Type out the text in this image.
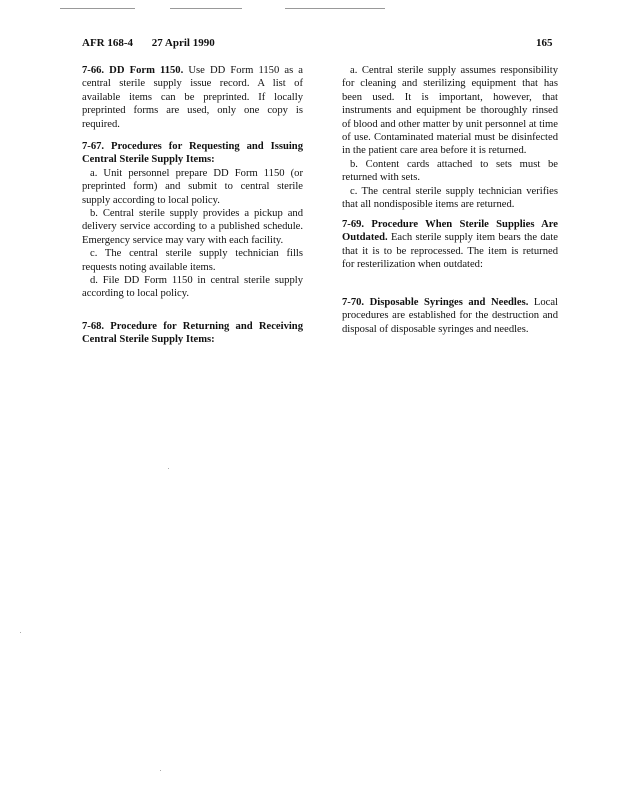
AFR 168-4 27 April 1990	165

7-66. DD Form 1150. Use DD Form 1150 as a central sterile supply issue record. A list of available items can be preprinted. If locally preprinted forms are used, only one copy is required.

7-67. Procedures for Requesting and Issuing Central Sterile Supply Items:

a. Unit personnel prepare DD Form 1150 (or preprinted form) and submit to central sterile supply according to local policy.

b. Central sterile supply provides a pickup and delivery service according to a published schedule. Emergency service may vary with each facility.

c. The central sterile supply technician fills requests noting available items.

d. File DD Form 1150 in central sterile supply according to local policy.

7-68. Procedure for Returning and Receiving Central Sterile Supply Items:

a. Central sterile supply assumes responsibility for cleaning and sterilizing equipment that has been used. It is important, however, that instruments and equipment be thoroughly rinsed of blood and other matter by unit personnel at time of use. Contaminated material must be disinfected in the patient care area before it is returned.

b. Content cards attached to sets must be returned with sets.

c. The central sterile supply technician verifies that all nondisposible items are returned.

7-69. Procedure When Sterile Supplies Are Outdated. Each sterile supply item bears the date that it is to be reprocessed. The item is returned for resterilization when outdated:

7-70. Disposable Syringes and Needles. Local procedures are established for the destruction and disposal of disposable syringes and needles.
